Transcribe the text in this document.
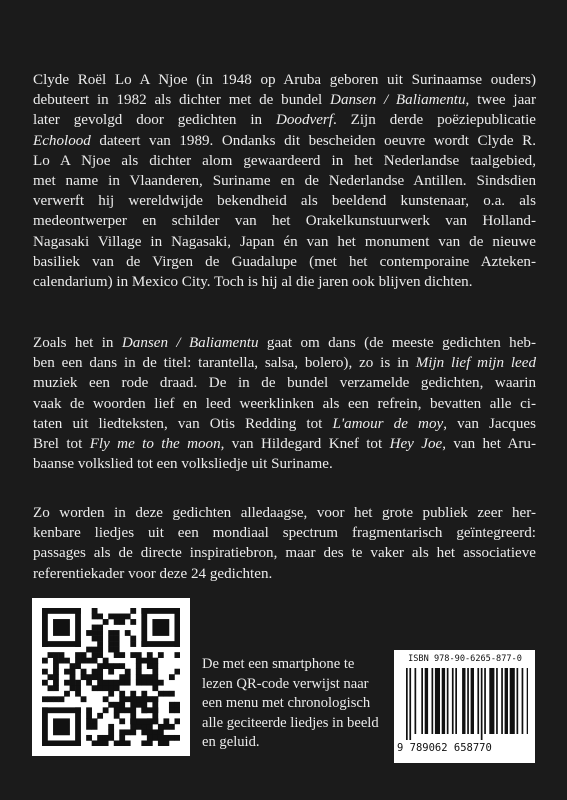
Clyde Roël Lo A Njoe (in 1948 op Aruba geboren uit Surinaamse ouders)
debuteert in 1982 als dichter met de bundel Dansen / Baliamentu, twee jaar
later gevolgd door gedichten in Doodverf. Zijn derde poëziepublicatie
Echolood dateert van 1989. Ondanks dit bescheiden oeuvre wordt Clyde R.
Lo A Njoe als dichter alom gewaardeerd in het Nederlandse taalgebied,
met name in Vlaanderen, Suriname en de Nederlandse Antillen. Sindsdien
verwerft hij wereldwijde bekendheid als beeldend kunstenaar, o.a. als
medeontwerper en schilder van het Orakelkunstuurwerk van Holland-
Nagasaki Village in Nagasaki, Japan én van het monument van de nieuwe
basiliek van de Virgen de Guadalupe (met het contemporaine Azteken-
calendarium) in Mexico City. Toch is hij al die jaren ook blijven dichten.
Zoals het in Dansen / Baliamentu gaat om dans (de meeste gedichten heb-
ben een dans in de titel: tarantella, salsa, bolero), zo is in Mijn lief mijn leed
muziek een rode draad. De in de bundel verzamelde gedichten, waarin
vaak de woorden lief en leed weerklinken als een refrein, bevatten alle ci-
taten uit liedteksten, van Otis Redding tot L'amour de moy, van Jacques
Brel tot Fly me to the moon, van Hildegard Knef tot Hey Joe, van het Aru-
baanse volkslied tot een volksliedje uit Suriname.
Zo worden in deze gedichten alledaagse, voor het grote publiek zeer her-
kenbare liedjes uit een mondiaal spectrum fragmentarisch geïntegreerd:
passages als de directe inspiratiebron, maar des te vaker als het associatieve
referentiekader voor deze 24 gedichten.
De met een smartphone te
lezen QR-code verwijst naar
een menu met chronologisch
alle geciteerde liedjes in beeld
en geluid.
ISBN 978-90-6265-877-0
9 789062 658770
